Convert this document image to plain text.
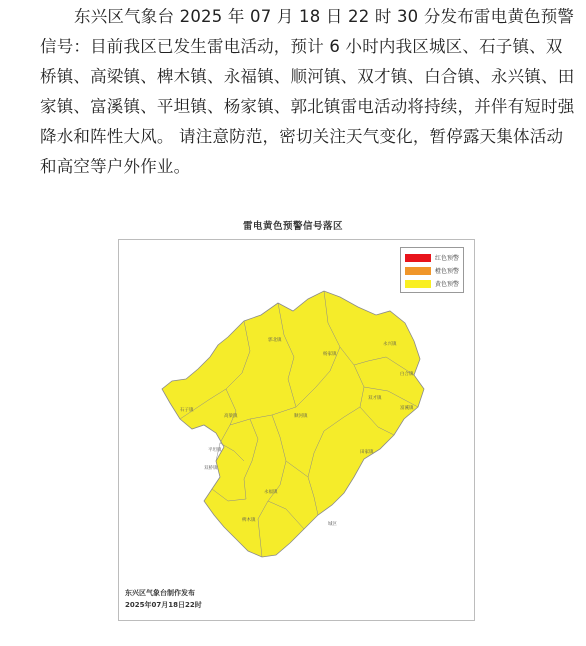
东兴区气象台 2025 年 07 月 18 日 22 时 30 分发布雷电黄色预警信号：目前我区已发生雷电活动，预计 6 小时内我区城区、石子镇、双桥镇、高梁镇、椑木镇、永福镇、顺河镇、双才镇、白合镇、永兴镇、田家镇、富溪镇、平坦镇、杨家镇、郭北镇雷电活动将持续，并伴有短时强降水和阵性大风。 请注意防范，密切关注天气变化，暂停露天集体活动和高空等户外作业。

雷电黄色预警信号落区
郭北镇
杨家镇
永兴镇
白合镇
石子镇
双才镇
高梁镇	顺河镇
富溪镇
平坦镇	田家镇
双桥镇
永福镇
椑木镇
城区
红色预警
橙色预警
黄色预警
东兴区气象台制作发布
2025年07月18日22时
